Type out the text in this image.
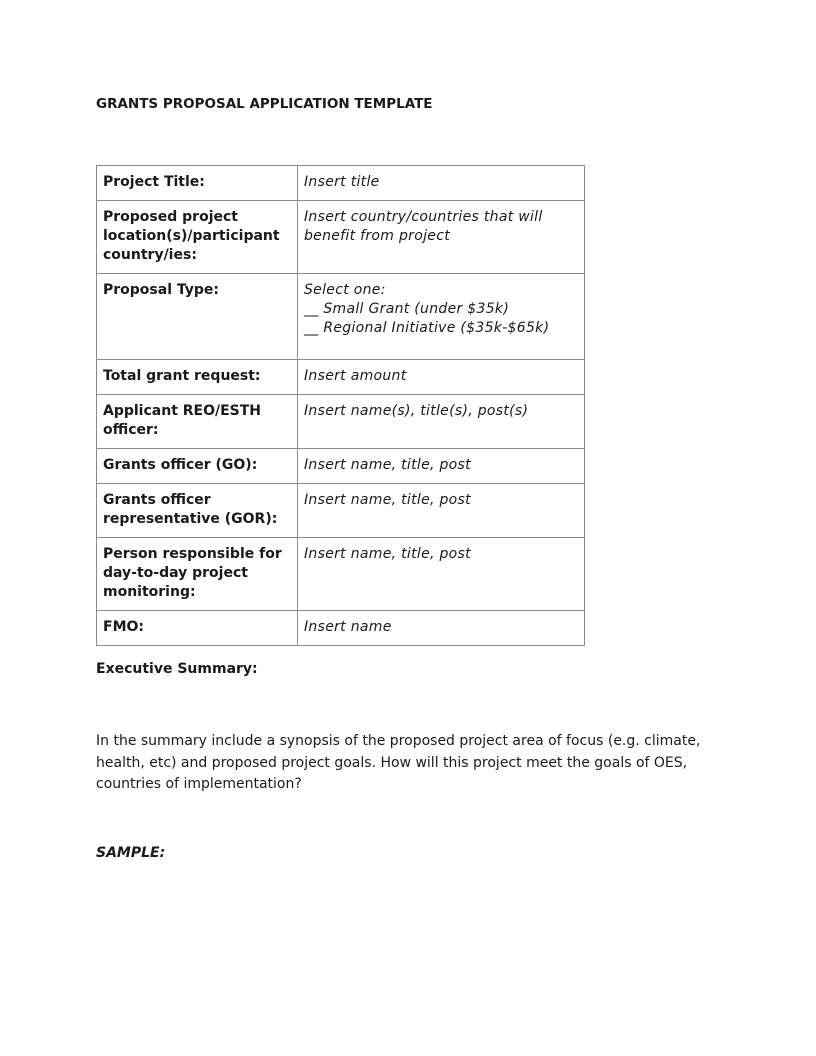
GRANTS PROPOSAL APPLICATION TEMPLATE
Project Title:	Insert title

Proposed project location(s)/participant country/ies:	Insert country/countries that will benefit from project

Proposal Type:	Select one:
__ Small Grant (under $35k)
__ Regional Initiative ($35k-$65k)

Total grant request:	Insert amount

Applicant REO/ESTH officer:	Insert name(s), title(s), post(s)

Grants officer (GO):	Insert name, title, post

Grants officer representative (GOR):	Insert name, title, post

Person responsible for day-to-day project monitoring:	Insert name, title, post

FMO:	Insert name
Executive Summary:
In the summary include a synopsis of the proposed project area of focus (e.g. climate, health, etc) and proposed project goals. How will this project meet the goals of OES, countries of implementation?
SAMPLE:
